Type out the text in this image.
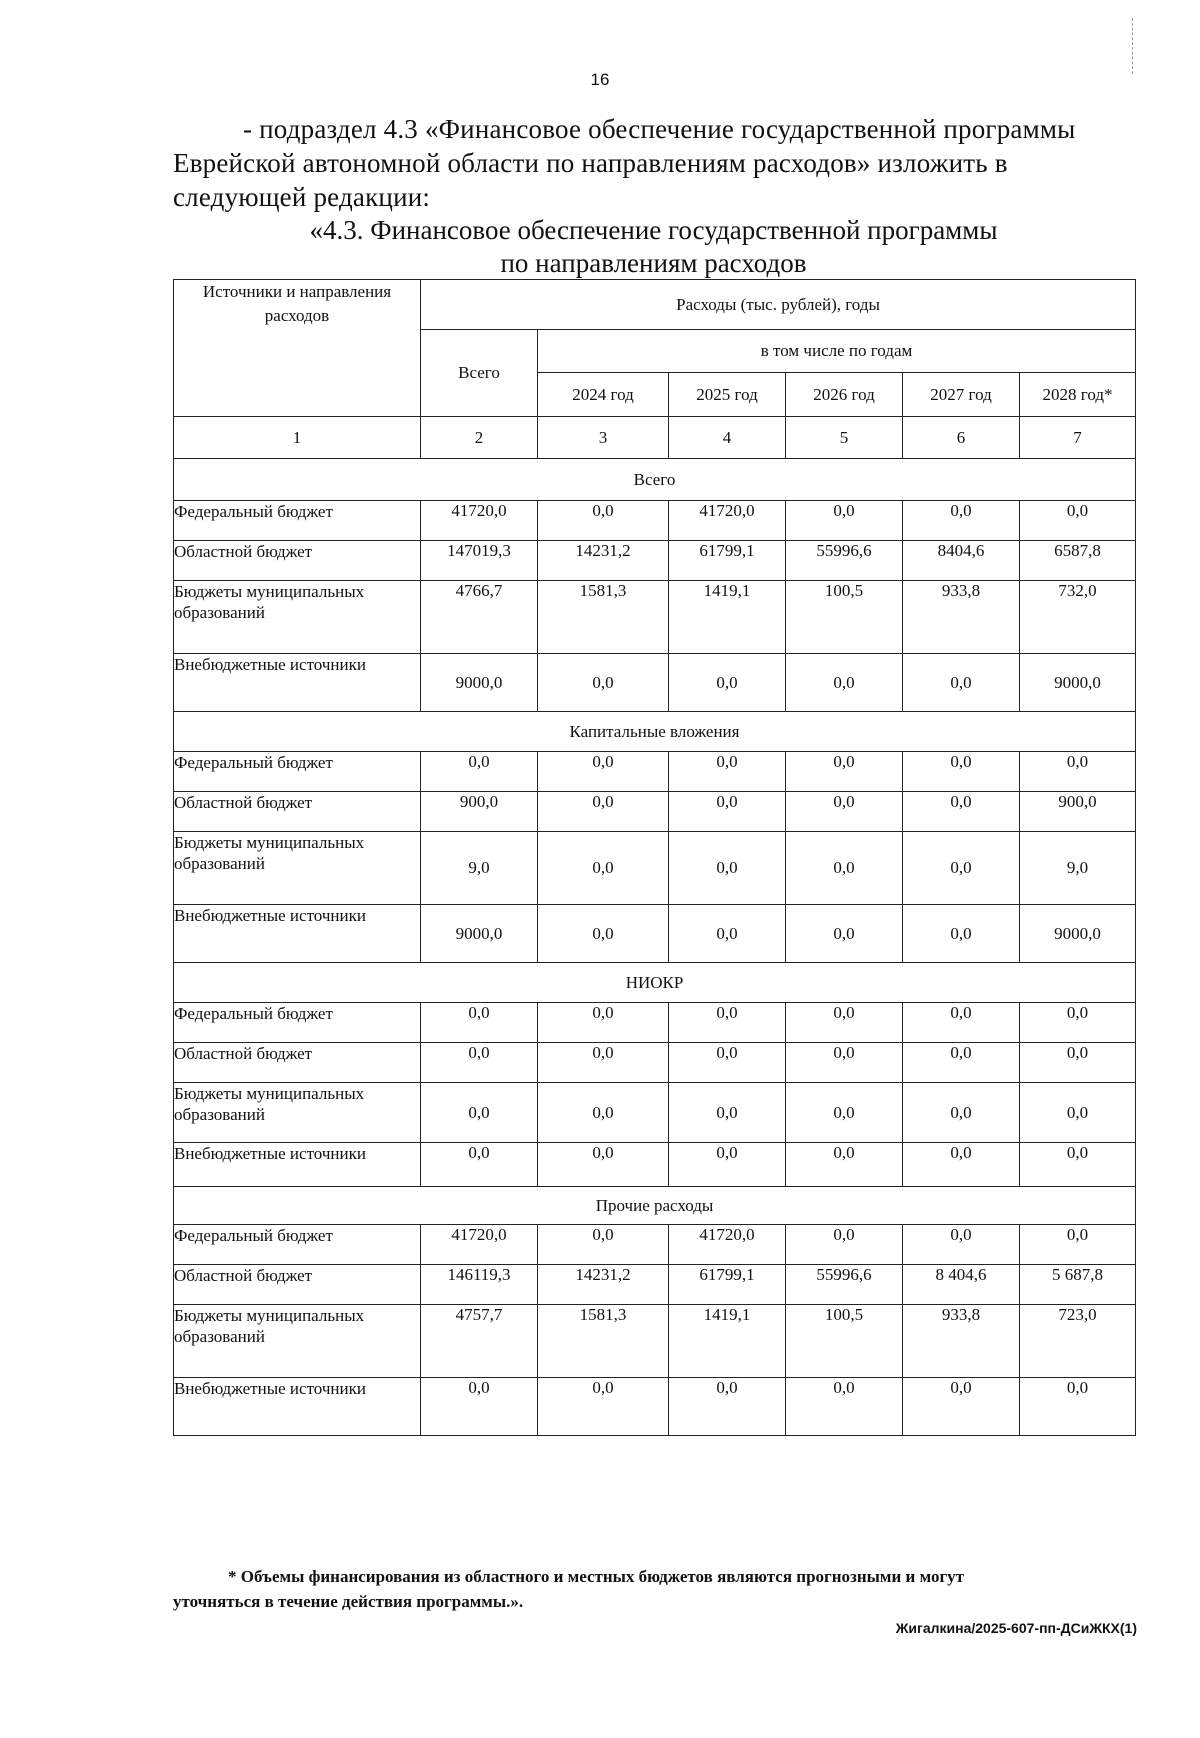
16
- подраздел 4.3 «Финансовое обеспечение государственной программы
Еврейской автономной области по направлениям расходов» изложить в
следующей редакции:
«4.3. Финансовое обеспечение государственной программы
по направлениям расходов
Источники и направления расходов	Расходы (тыс. рублей), годы					
	Всего	в том числе по годам				
		2024 год	2025 год	2026 год	2027 год	2028 год*
1	2	3	4	5	6	7
Всего						
Федеральный бюджет	41720,0	0,0	41720,0	0,0	0,0	0,0
Областной бюджет	147019,3	14231,2	61799,1	55996,6	8404,6	6587,8
Бюджеты муниципальных образований	4766,7	1581,3	1419,1	100,5	933,8	732,0
Внебюджетные источники	9000,0	0,0	0,0	0,0	0,0	9000,0
Капитальные вложения						
Федеральный бюджет	0,0	0,0	0,0	0,0	0,0	0,0
Областной бюджет	900,0	0,0	0,0	0,0	0,0	900,0
Бюджеты муниципальных образований	9,0	0,0	0,0	0,0	0,0	9,0
Внебюджетные источники	9000,0	0,0	0,0	0,0	0,0	9000,0
НИОКР						
Федеральный бюджет	0,0	0,0	0,0	0,0	0,0	0,0
Областной бюджет	0,0	0,0	0,0	0,0	0,0	0,0
Бюджеты муниципальных образований	0,0	0,0	0,0	0,0	0,0	0,0
Внебюджетные источники	0,0	0,0	0,0	0,0	0,0	0,0
Прочие расходы						
Федеральный бюджет	41720,0	0,0	41720,0	0,0	0,0	0,0
Областной бюджет	146119,3	14231,2	61799,1	55996,6	8 404,6	5 687,8
Бюджеты муниципальных образований	4757,7	1581,3	1419,1	100,5	933,8	723,0
Внебюджетные источники	0,0	0,0	0,0	0,0	0,0	0,0
* Объемы финансирования из областного и местных бюджетов являются прогнозными и могут
уточняться в течение действия программы.».
Жигалкина/2025-607-пп-ДСиЖКХ(1)
